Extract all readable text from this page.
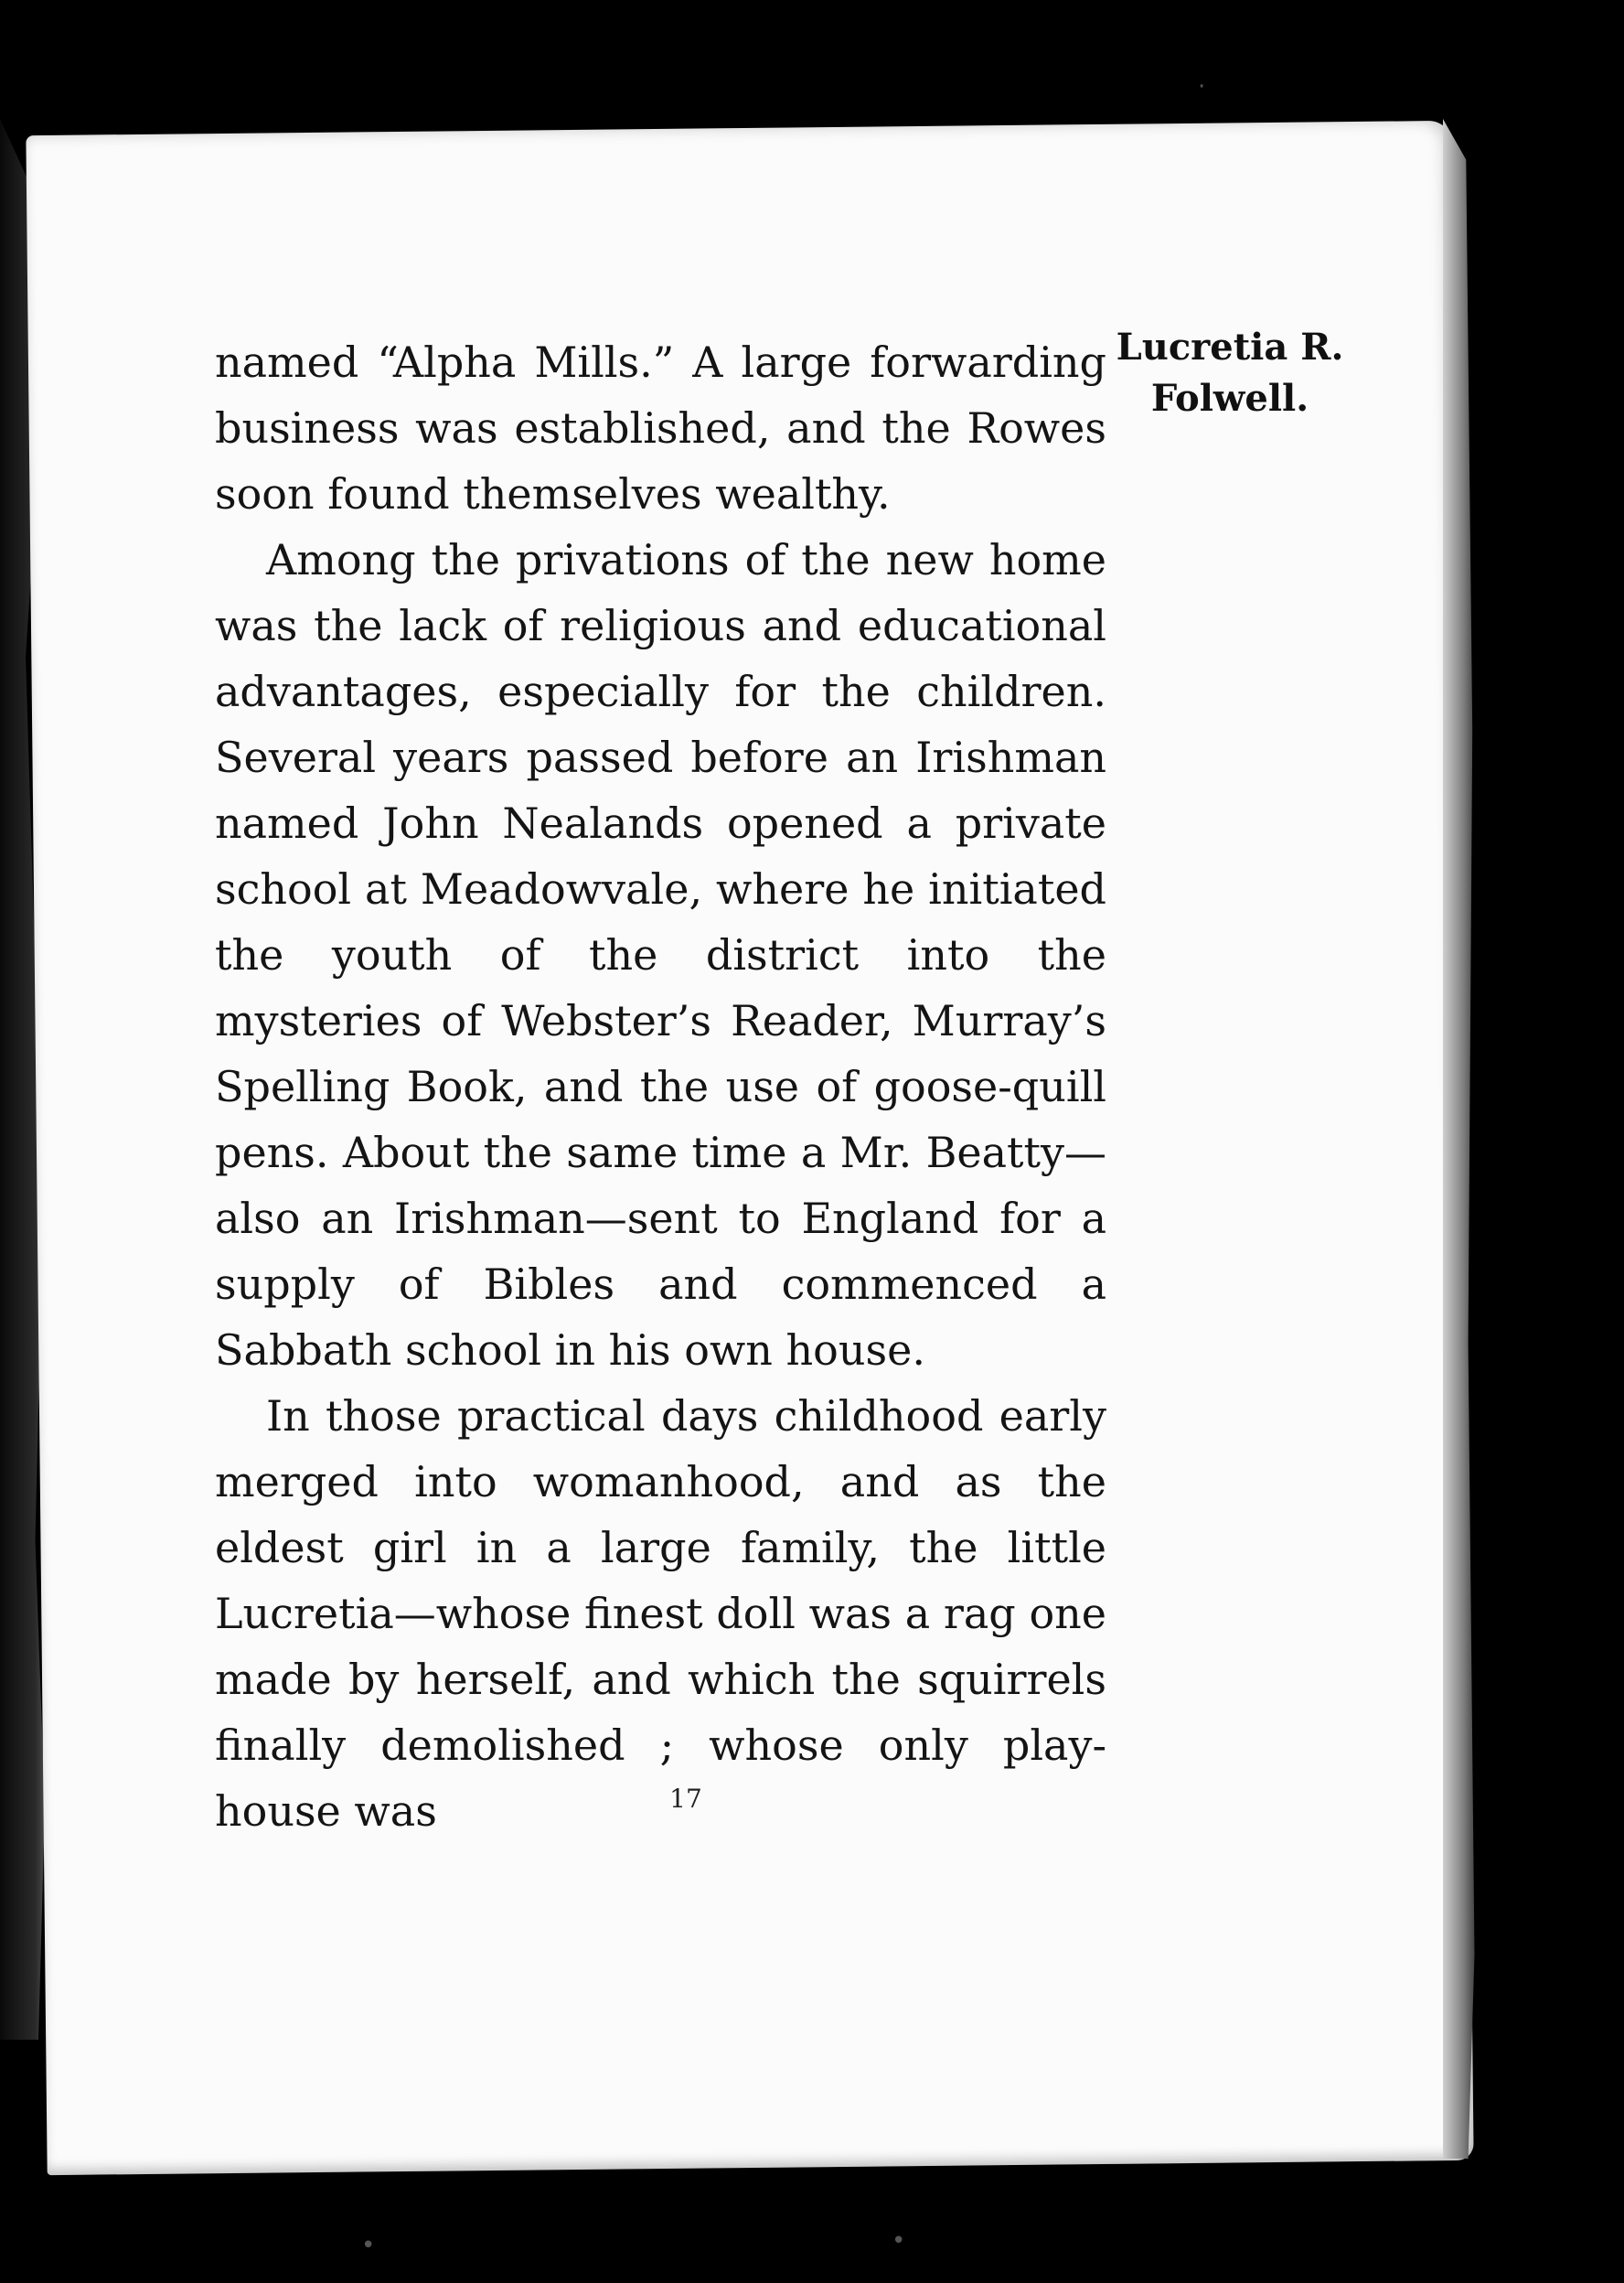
Lucretia R.
Folwell.

named “Alpha Mills.” A large forwarding business was established, and the Rowes soon found themselves wealthy.

Among the privations of the new home was the lack of religious and educational advantages, especially for the children. Several years passed before an Irishman named John Nealands opened a private school at Meadowvale, where he initiated the youth of the district into the mysteries of Webster’s Reader, Murray’s Spelling Book, and the use of goose-quill pens. About the same time a Mr. Beatty—also an Irishman—sent to England for a supply of Bibles and commenced a Sabbath school in his own house.

In those practical days childhood early merged into womanhood, and as the eldest girl in a large family, the little Lucretia—whose finest doll was a rag one made by herself, and which the squirrels finally demolished ; whose only play-house was	17
•	•
·
